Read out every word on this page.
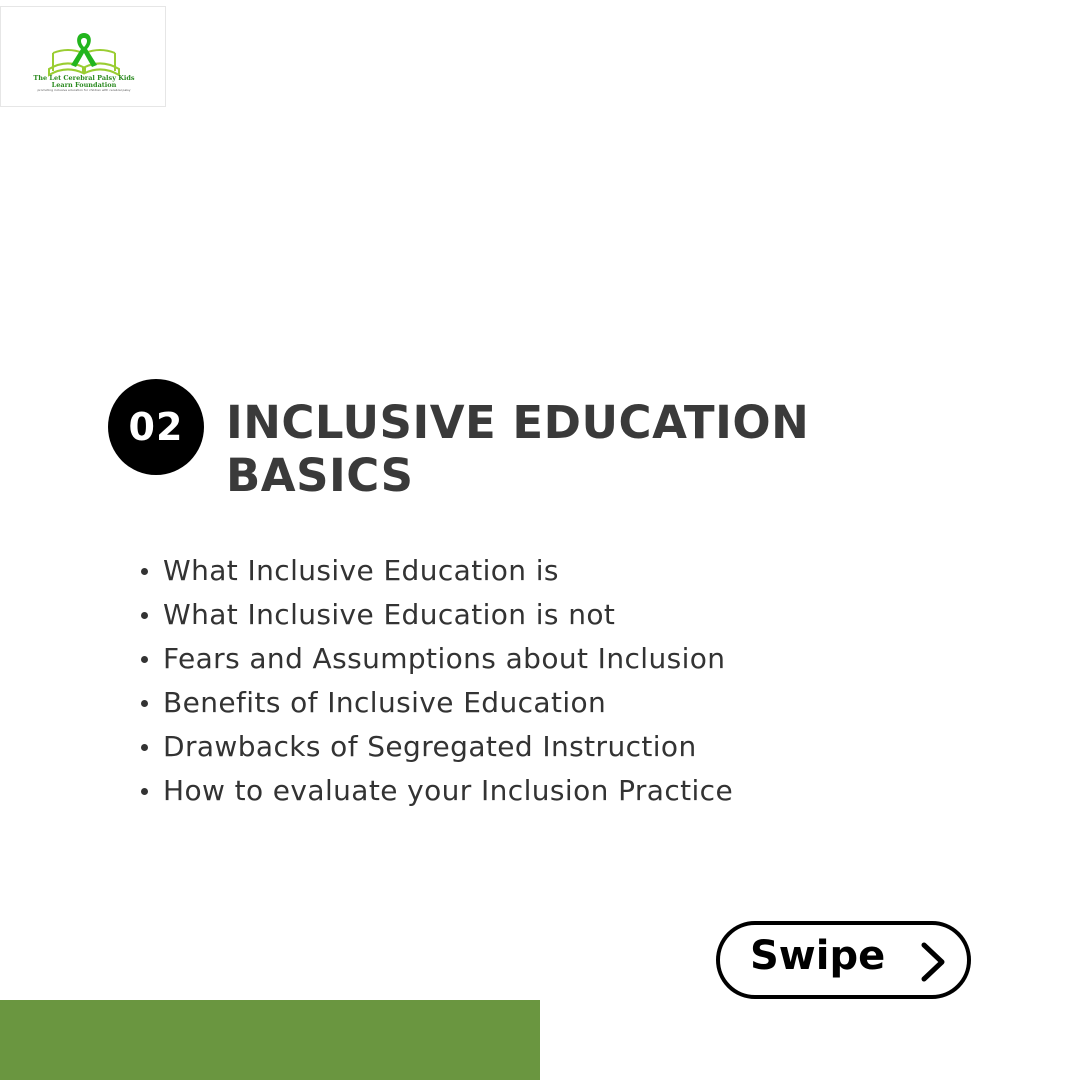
The Let Cerebral Palsy Kids
Learn Foundation
promoting inclusive education for children with cerebral palsy
02 INCLUSIVE EDUCATION
BASICS
What Inclusive Education is
What Inclusive Education is not
Fears and Assumptions about Inclusion
Benefits of Inclusive Education
Drawbacks of Segregated Instruction
How to evaluate your Inclusion Practice
Swipe
